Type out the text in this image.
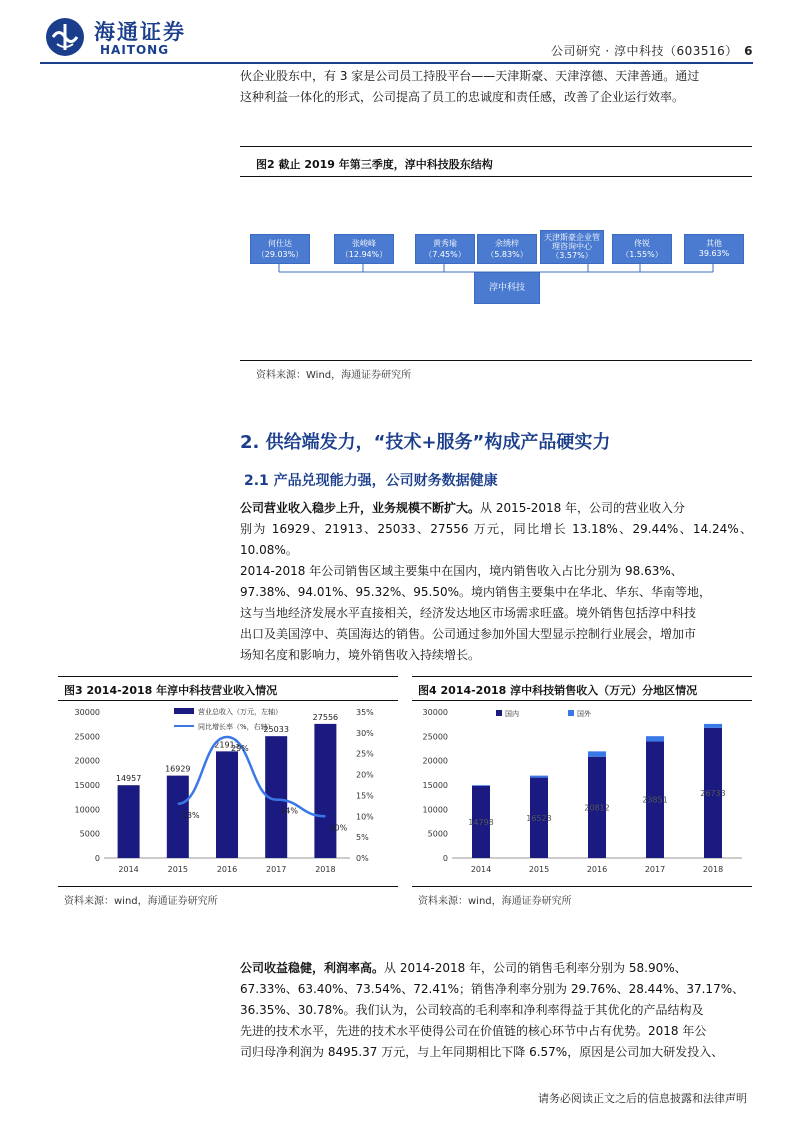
海通证券
HAITONG	公司研究 · 淳中科技（603516） 6
伙企业股东中，有 3 家是公司员工持股平台——天津斯豪、天津淳德、天津善通。通过
这种利益一体化的形式，公司提高了员工的忠诚度和责任感，改善了企业运行效率。
图2 截止 2019 年第三季度，淳中科技股东结构
何仕达
（29.03%）
张峻峰
（12.94%）
黄秀瑜
（7.45%）
余绣梓
（5.83%）
天津斯豪企业管理咨询中心
（3.57%）
佟锐
（1.55%）
其他
39.63%
淳中科技
资料来源：Wind，海通证券研究所
2. 供给端发力，“技术+服务”构成产品硬实力
2.1 产品兑现能力强，公司财务数据健康
公司营业收入稳步上升，业务规模不断扩大。从 2015-2018 年，公司的营业收入分
别为 16929、21913、25033、27556 万元，同比增长 13.18%、29.44%、14.24%、10.08%。
2014-2018 年公司销售区域主要集中在国内，境内销售收入占比分别为 98.63%、
97.38%、94.01%、95.32%、95.50%。境内销售主要集中在华北、华东、华南等地，
这与当地经济发展水平直接相关，经济发达地区市场需求旺盛。境外销售包括淳中科技
出口及美国淳中、英国海达的销售。公司通过参加外国大型显示控制行业展会，增加市
场知名度和影响力，境外销售收入持续增长。
图3 2014-2018 年淳中科技营业收入情况
0
5000
10000
15000
20000
25000
30000
0%
5%
10%
15%
20%
25%
30%
35%
14957
2014
16929
2015
21913
2016
25033
2017
27556
2018
13%
29%
14%
10%
营业总收入（万元，左轴）
同比增长率（%，右轴）
资料来源：wind，海通证券研究所
图4 2014-2018 淳中科技销售收入（万元）分地区情况
0
5000
10000
15000
20000
25000
30000
14798
2014
16523
2015
20812
2016
23851
2017
26733
2018
国内	国外
资料来源：wind，海通证券研究所
公司收益稳健，利润率高。从 2014-2018 年，公司的销售毛利率分别为 58.90%、
67.33%、63.40%、73.54%、72.41%；销售净利率分别为 29.76%、28.44%、37.17%、
36.35%、30.78%。我们认为，公司较高的毛利率和净利率得益于其优化的产品结构及
先进的技术水平，先进的技术水平使得公司在价值链的核心环节中占有优势。2018 年公
司归母净利润为 8495.37 万元，与上年同期相比下降 6.57%，原因是公司加大研发投入、
请务必阅读正文之后的信息披露和法律声明
